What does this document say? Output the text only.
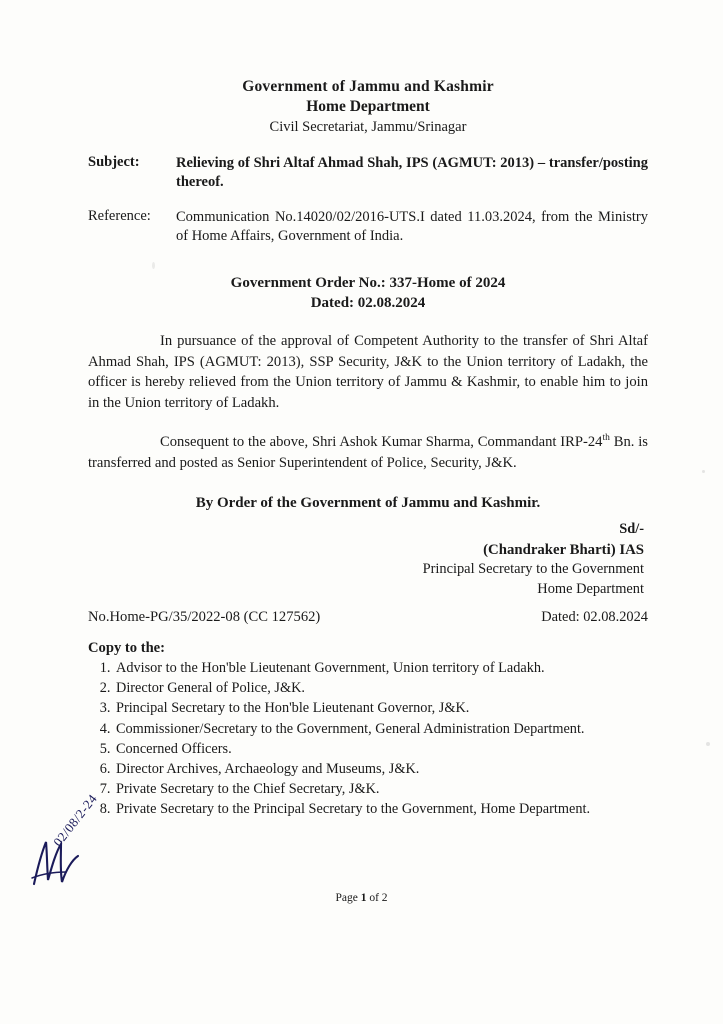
Government of Jammu and Kashmir
Home Department
Civil Secretariat, Jammu/Srinagar
Subject:	Relieving of Shri Altaf Ahmad Shah, IPS (AGMUT: 2013) – transfer/posting thereof.
Reference:	Communication No.14020/02/2016-UTS.I dated 11.03.2024, from the Ministry of Home Affairs, Government of India.
Government Order No.: 337-Home of 2024
Dated: 02.08.2024
In pursuance of the approval of Competent Authority to the transfer of Shri Altaf Ahmad Shah, IPS (AGMUT: 2013), SSP Security, J&K to the Union territory of Ladakh, the officer is hereby relieved from the Union territory of Jammu & Kashmir, to enable him to join in the Union territory of Ladakh.
Consequent to the above, Shri Ashok Kumar Sharma, Commandant IRP-24th Bn. is transferred and posted as Senior Superintendent of Police, Security, J&K.
By Order of the Government of Jammu and Kashmir.
Sd/-
(Chandraker Bharti) IAS
Principal Secretary to the Government
Home Department
No.Home-PG/35/2022-08 (CC 127562)	Dated: 02.08.2024
Copy to the:
1. Advisor to the Hon'ble Lieutenant Government, Union territory of Ladakh.
2. Director General of Police, J&K.
3. Principal Secretary to the Hon'ble Lieutenant Governor, J&K.
4. Commissioner/Secretary to the Government, General Administration Department.
5. Concerned Officers.
6. Director Archives, Archaeology and Museums, J&K.
7. Private Secretary to the Chief Secretary, J&K.
8. Private Secretary to the Principal Secretary to the Government, Home Department.
02/08/2-24
Page 1 of 2
